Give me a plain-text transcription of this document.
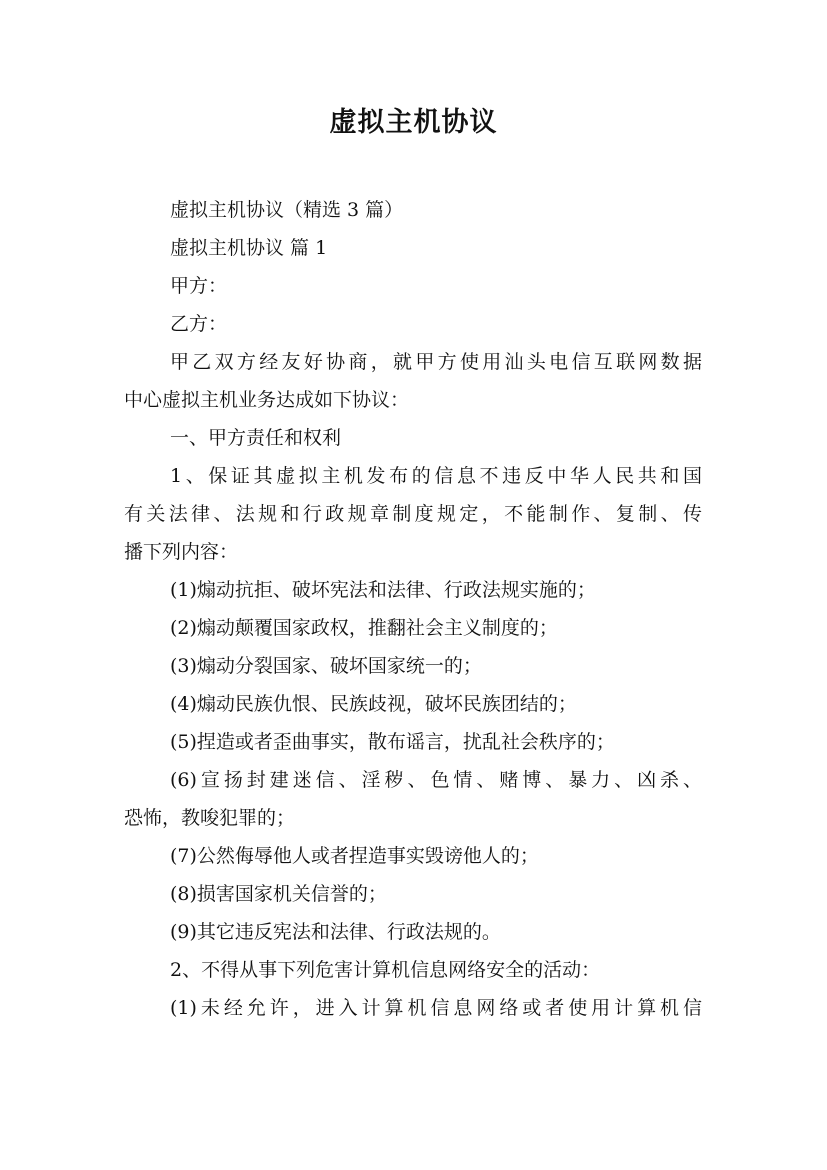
虚拟主机协议
虚拟主机协议（精选 3 篇）
虚拟主机协议 篇 1
甲方：
乙方：
甲乙双方经友好协商，就甲方使用汕头电信互联网数据
中心虚拟主机业务达成如下协议：
一、甲方责任和权利
1、保证其虚拟主机发布的信息不违反中华人民共和国
有关法律、法规和行政规章制度规定，不能制作、复制、传
播下列内容：
(1)煽动抗拒、破坏宪法和法律、行政法规实施的；
(2)煽动颠覆国家政权，推翻社会主义制度的；
(3)煽动分裂国家、破坏国家统一的；
(4)煽动民族仇恨、民族歧视，破坏民族团结的；
(5)捏造或者歪曲事实，散布谣言，扰乱社会秩序的；
(6)宣扬封建迷信、淫秽、色情、赌博、暴力、凶杀、
恐怖，教唆犯罪的；
(7)公然侮辱他人或者捏造事实毁谤他人的；
(8)损害国家机关信誉的；
(9)其它违反宪法和法律、行政法规的。
2、不得从事下列危害计算机信息网络安全的活动：
(1)未经允许，进入计算机信息网络或者使用计算机信
